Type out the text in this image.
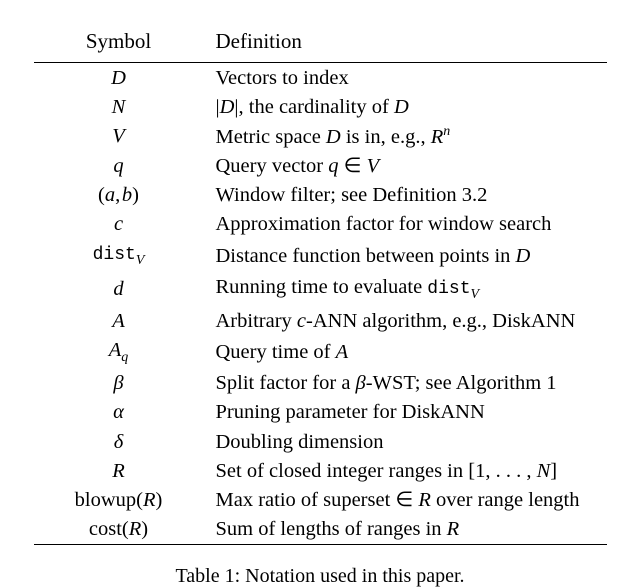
Symbol	Definition
D	Vectors to index
N	|D|, the cardinality of D
V	Metric space D is in, e.g., $R^n$
q	Query vector q ∈ V
(a, b)	Window filter; see Definition 3.2
c	Approximation factor for window search
dist$_V$	Distance function between points in D
d	Running time to evaluate dist$_V$
A	Arbitrary c-ANN algorithm, e.g., DiskANN
$A_q$	Query time of A
β	Split factor for a β-WST; see Algorithm 1
α	Pruning parameter for DiskANN
δ	Doubling dimension
R	Set of closed integer ranges in [1, . . . , N]
blowup(R)	Max ratio of superset ∈ R over range length
cost(R)	Sum of lengths of ranges in R
Table 1: Notation used in this paper.
